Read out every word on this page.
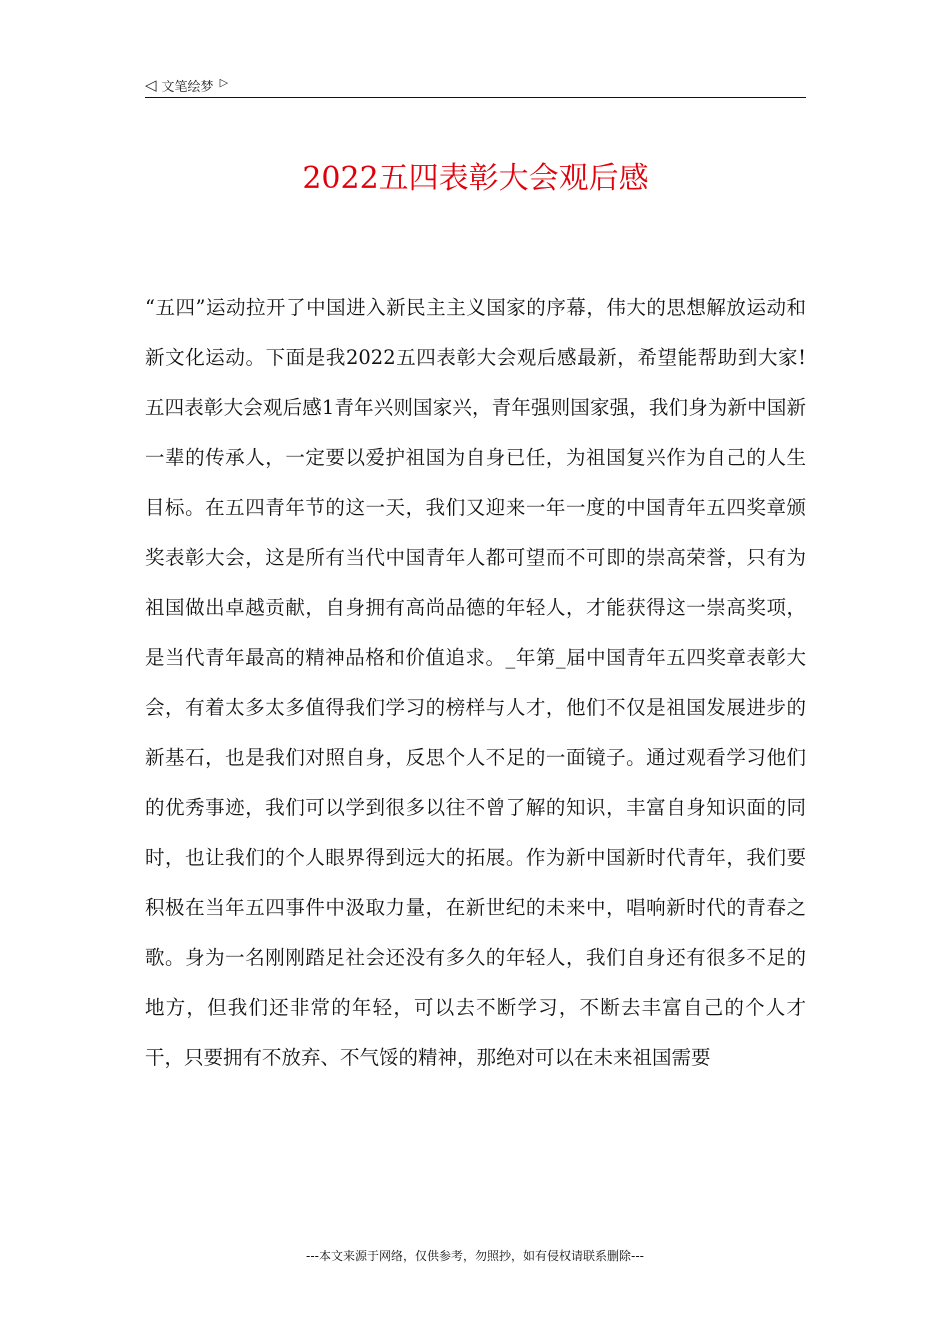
◁ 文笔绘梦 ▷
2022五四表彰大会观后感

“五四”运动拉开了中国进入新民主主义国家的序幕，伟大的思想解放运动和新文化运动。下面是我2022五四表彰大会观后感最新，希望能帮助到大家!五四表彰大会观后感1青年兴则国家兴，青年强则国家强，我们身为新中国新一辈的传承人，一定要以爱护祖国为自身已任，为祖国复兴作为自己的人生目标。在五四青年节的这一天，我们又迎来一年一度的中国青年五四奖章颁奖表彰大会，这是所有当代中国青年人都可望而不可即的崇高荣誉，只有为祖国做出卓越贡献，自身拥有高尚品德的年轻人，才能获得这一崇高奖项，是当代青年最高的精神品格和价值追求。_年第_届中国青年五四奖章表彰大会，有着太多太多值得我们学习的榜样与人才，他们不仅是祖国发展进步的新基石，也是我们对照自身，反思个人不足的一面镜子。通过观看学习他们的优秀事迹，我们可以学到很多以往不曾了解的知识，丰富自身知识面的同时，也让我们的个人眼界得到远大的拓展。作为新中国新时代青年，我们要积极在当年五四事件中汲取力量，在新世纪的未来中，唱响新时代的青春之歌。身为一名刚刚踏足社会还没有多久的年轻人，我们自身还有很多不足的地方，但我们还非常的年轻，可以去不断学习，不断去丰富自己的个人才干，只要拥有不放弃、不气馁的精神，那绝对可以在未来祖国需要

---本文来源于网络，仅供参考，勿照抄，如有侵权请联系删除---
